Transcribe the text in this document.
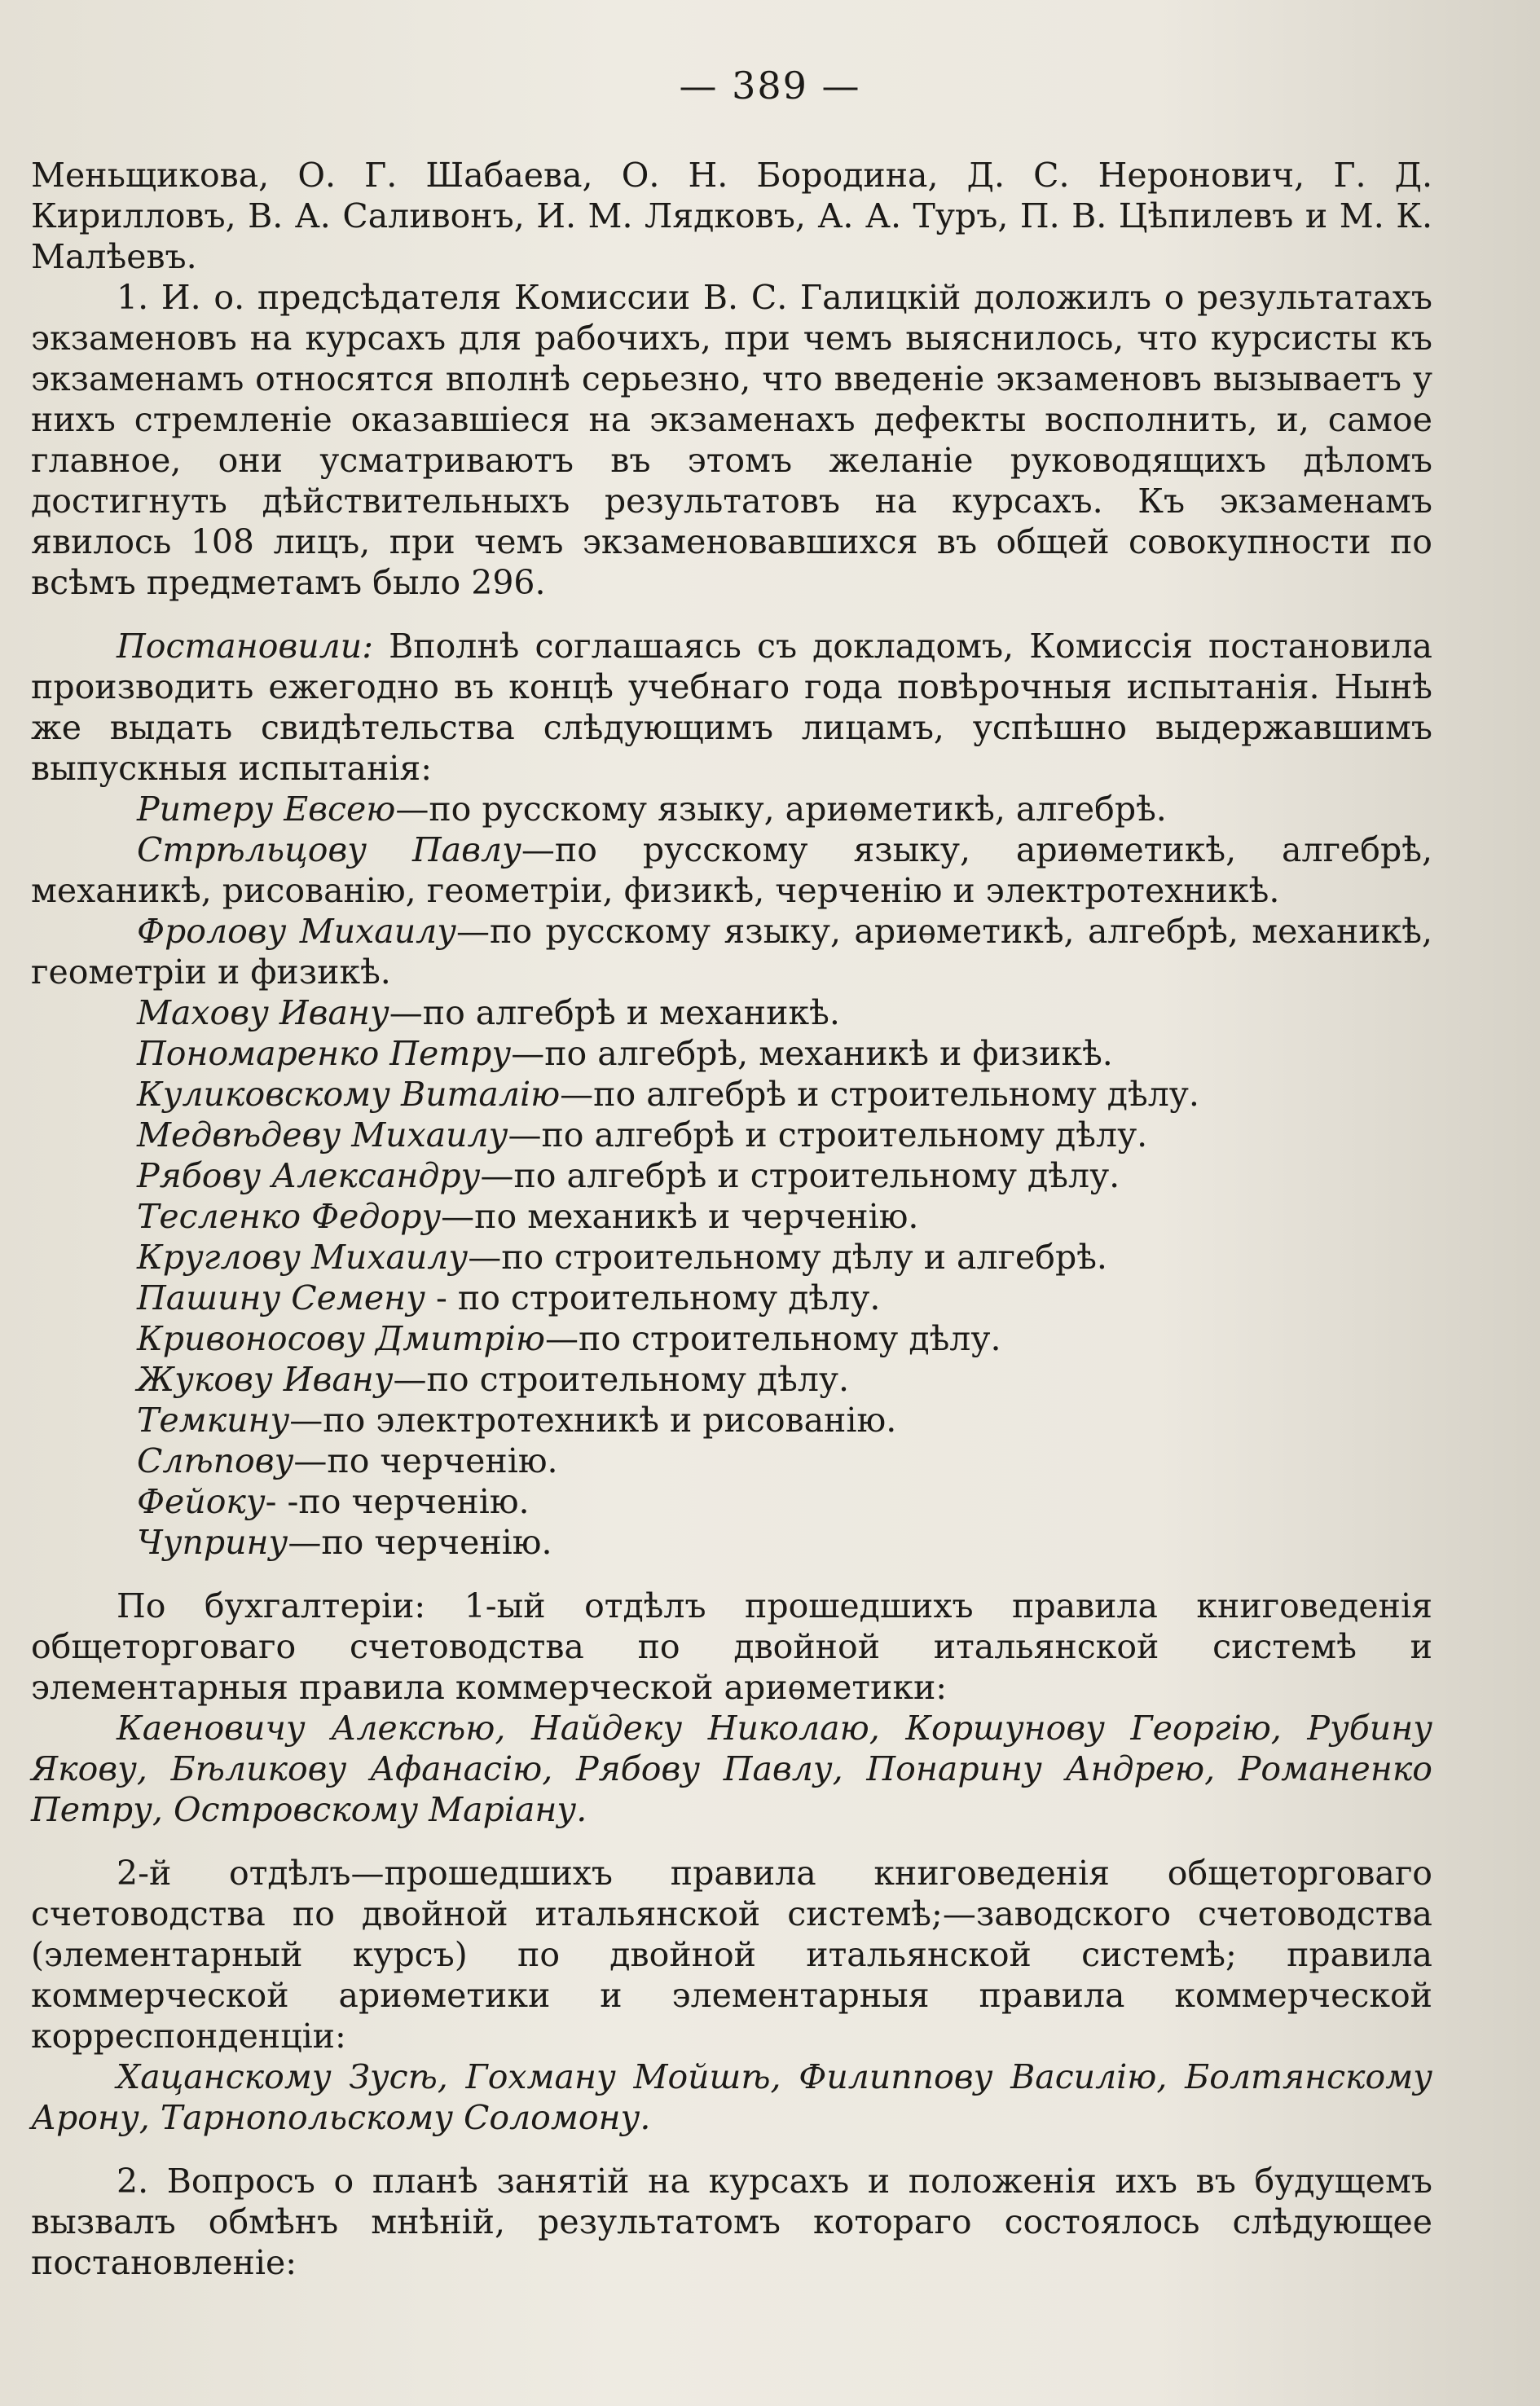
— 389 —

Меньщикова, О. Г. Шабаева, О. Н. Бородина, Д. С. Неронович, Г. Д. Кирилловъ, В. А. Саливонъ, И. М. Лядковъ, А. А. Туръ, П. В. Цѣпилевъ и М. К. Малѣевъ.

1. И. о. предсѣдателя Комиссии В. С. Галицкій доложилъ о результатахъ экзаменовъ на курсахъ для рабочихъ, при чемъ выяснилось, что курсисты къ экзаменамъ относятся вполнѣ серьезно, что введеніе экзаменовъ вызываетъ у нихъ стремленіе оказавшіеся на экзаменахъ дефекты восполнить, и, самое главное, они усматриваютъ въ этомъ желаніе руководящихъ дѣломъ достигнуть дѣйствительныхъ результатовъ на курсахъ. Къ экзаменамъ явилось 108 лицъ, при чемъ экзаменовавшихся въ общей совокупности по всѣмъ предметамъ было 296.

Постановили: Вполнѣ соглашаясь съ докладомъ, Комиссія постановила производить ежегодно въ концѣ учебнаго года повѣрочныя испытанія. Нынѣ же выдать свидѣтельства слѣдующимъ лицамъ, успѣшно выдержавшимъ выпускныя испытанія:

Ритеру Евсею—по русскому языку, ариѳметикѣ, алгебрѣ.

Стрѣльцову Павлу—по русскому языку, ариѳметикѣ, алгебрѣ, механикѣ, рисованію, геометріи, физикѣ, черченію и электротехникѣ.

Фролову Михаилу—по русскому языку, ариѳметикѣ, алгебрѣ, механикѣ, геометріи и физикѣ.

Махову Ивану—по алгебрѣ и механикѣ.

Пономаренко Петру—по алгебрѣ, механикѣ и физикѣ.

Куликовскому Виталію—по алгебрѣ и строительному дѣлу.

Медвѣдеву Михаилу—по алгебрѣ и строительному дѣлу.

Рябову Александру—по алгебрѣ и строительному дѣлу.

Тесленко Федору—по механикѣ и черченію.

Круглову Михаилу—по строительному дѣлу и алгебрѣ.

Пашину Семену - по строительному дѣлу.

Кривоносову Дмитрію—по строительному дѣлу.

Жукову Ивану—по строительному дѣлу.

Темкину—по электротехникѣ и рисованію.

Слѣпову—по черченію.

Фейоку- -по черченію.

Чуприну—по черченію.

По бухгалтеріи: 1-ый отдѣлъ прошедшихъ правила книговеденія общеторговаго счетоводства по двойной итальянской системѣ и элементарныя правила коммерческой ариѳметики:

Каеновичу Алексѣю, Найдеку Николаю, Коршунову Георгію, Рубину Якову, Бѣликову Афанасію, Рябову Павлу, Понарину Андрею, Романенко Петру, Островскому Маріану.

2-й отдѣлъ—прошедшихъ правила книговеденія общеторговаго счетоводства по двойной итальянской системѣ;—заводского счетоводства (элементарный курсъ) по двойной итальянской системѣ; правила коммерческой ариѳметики и элементарныя правила коммерческой корреспонденціи:

Хацанскому Зусѣ, Гохману Мойшѣ, Филиппову Василію, Болтянскому Арону, Тарнопольскому Соломону.

2. Вопросъ о планѣ занятій на курсахъ и положенія ихъ въ будущемъ вызвалъ обмѣнъ мнѣній, результатомъ котораго состоялось слѣдующее постановленіе:
